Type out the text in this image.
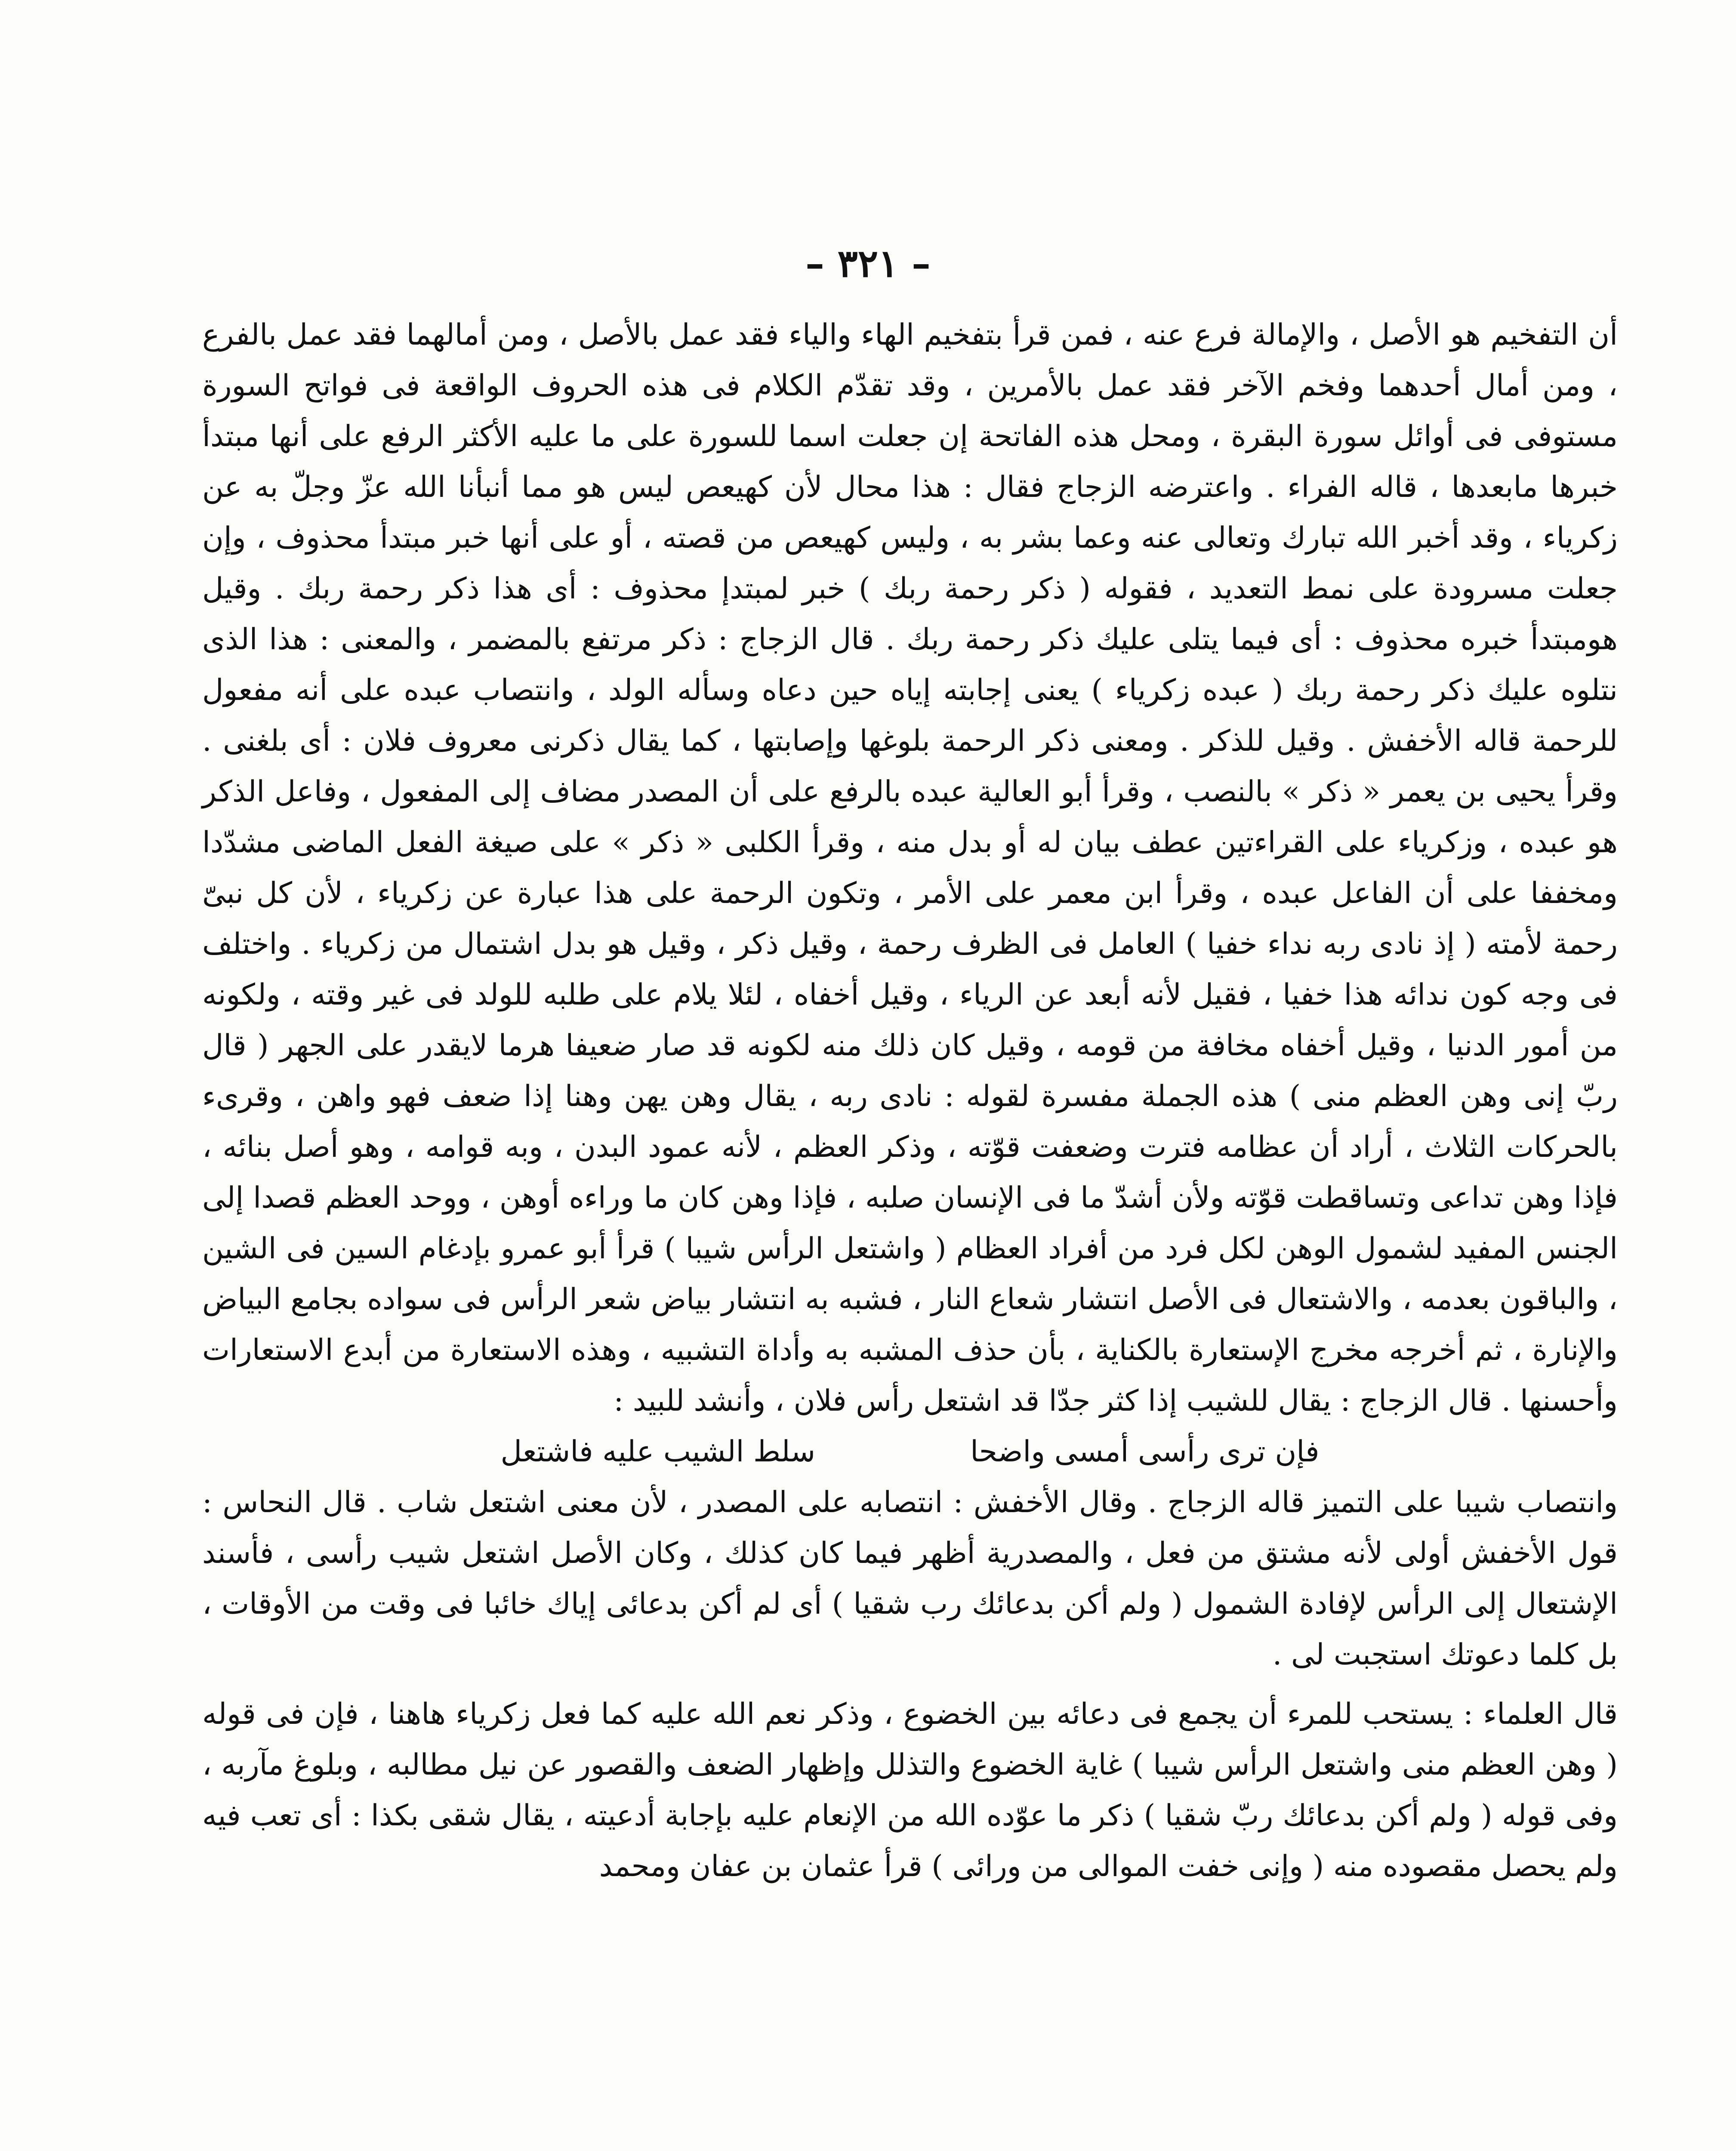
– ٣٢١ –

أن التفخيم هو الأصل ، والإمالة فرع عنه ، فمن قرأ بتفخيم الهاء والياء فقد عمل بالأصل ، ومن أمالهما فقد عمل بالفرع ، ومن أمال أحدهما وفخم الآخر فقد عمل بالأمرين ، وقد تقدّم الكلام فى هذه الحروف الواقعة فى فواتح السورة مستوفى فى أوائل سورة البقرة ، ومحل هذه الفاتحة إن جعلت اسما للسورة على ما عليه الأكثر الرفع على أنها مبتدأ خبرها مابعدها ، قاله الفراء . واعترضه الزجاج فقال : هذا محال لأن كهيعص ليس هو مما أنبأنا الله عزّ وجلّ به عن زكرياء ، وقد أخبر الله تبارك وتعالى عنه وعما بشر به ، وليس كهيعص من قصته ، أو على أنها خبر مبتدأ محذوف ، وإن جعلت مسرودة على نمط التعديد ، فقوله ( ذكر رحمة ربك ) خبر لمبتدإ محذوف : أى هذا ذكر رحمة ربك . وقيل هومبتدأ خبره محذوف : أى فيما يتلى عليك ذكر رحمة ربك . قال الزجاج : ذكر مرتفع بالمضمر ، والمعنى : هذا الذى نتلوه عليك ذكر رحمة ربك ( عبده زكرياء ) يعنى إجابته إياه حين دعاه وسأله الولد ، وانتصاب عبده على أنه مفعول للرحمة قاله الأخفش . وقيل للذكر . ومعنى ذكر الرحمة بلوغها وإصابتها ، كما يقال ذكرنى معروف فلان : أى بلغنى . وقرأ يحيى بن يعمر « ذكر » بالنصب ، وقرأ أبو العالية عبده بالرفع على أن المصدر مضاف إلى المفعول ، وفاعل الذكر هو عبده ، وزكرياء على القراءتين عطف بيان له أو بدل منه ، وقرأ الكلبى « ذكر » على صيغة الفعل الماضى مشدّدا ومخففا على أن الفاعل عبده ، وقرأ ابن معمر على الأمر ، وتكون الرحمة على هذا عبارة عن زكرياء ، لأن كل نبىّ رحمة لأمته ( إذ نادى ربه نداء خفيا ) العامل فى الظرف رحمة ، وقيل ذكر ، وقيل هو بدل اشتمال من زكرياء . واختلف فى وجه كون ندائه هذا خفيا ، فقيل لأنه أبعد عن الرياء ، وقيل أخفاه ، لئلا يلام على طلبه للولد فى غير وقته ، ولكونه من أمور الدنيا ، وقيل أخفاه مخافة من قومه ، وقيل كان ذلك منه لكونه قد صار ضعيفا هرما لايقدر على الجهر ( قال ربّ إنى وهن العظم منى ) هذه الجملة مفسرة لقوله : نادى ربه ، يقال وهن يهن وهنا إذا ضعف فهو واهن ، وقرىء بالحركات الثلاث ، أراد أن عظامه فترت وضعفت قوّته ، وذكر العظم ، لأنه عمود البدن ، وبه قوامه ، وهو أصل بنائه ، فإذا وهن تداعى وتساقطت قوّته ولأن أشدّ ما فى الإنسان صلبه ، فإذا وهن كان ما وراءه أوهن ، ووحد العظم قصدا إلى الجنس المفيد لشمول الوهن لكل فرد من أفراد العظام ( واشتعل الرأس شيبا ) قرأ أبو عمرو بإدغام السين فى الشين ، والباقون بعدمه ، والاشتعال فى الأصل انتشار شعاع النار ، فشبه به انتشار بياض شعر الرأس فى سواده بجامع البياض والإنارة ، ثم أخرجه مخرج الإستعارة بالكناية ، بأن حذف المشبه به وأداة التشبيه ، وهذه الاستعارة من أبدع الاستعارات وأحسنها . قال الزجاج : يقال للشيب إذا كثر جدّا قد اشتعل رأس فلان ، وأنشد للبيد :

فإن ترى رأسى أمسى واضحا
سلط الشيب عليه فاشتعل

وانتصاب شيبا على التميز قاله الزجاج . وقال الأخفش : انتصابه على المصدر ، لأن معنى اشتعل شاب . قال النحاس : قول الأخفش أولى لأنه مشتق من فعل ، والمصدرية أظهر فيما كان كذلك ، وكان الأصل اشتعل شيب رأسى ، فأسند الإشتعال إلى الرأس لإفادة الشمول ( ولم أكن بدعائك رب شقيا ) أى لم أكن بدعائى إياك خائبا فى وقت من الأوقات ، بل كلما دعوتك استجبت لى .

قال العلماء : يستحب للمرء أن يجمع فى دعائه بين الخضوع ، وذكر نعم الله عليه كما فعل زكرياء هاهنا ، فإن فى قوله ( وهن العظم منى واشتعل الرأس شيبا ) غاية الخضوع والتذلل وإظهار الضعف والقصور عن نيل مطالبه ، وبلوغ مآربه ، وفى قوله ( ولم أكن بدعائك ربّ شقيا ) ذكر ما عوّده الله من الإنعام عليه بإجابة أدعيته ، يقال شقى بكذا : أى تعب فيه ولم يحصل مقصوده منه ( وإنى خفت الموالى من ورائى ) قرأ عثمان بن عفان ومحمد
